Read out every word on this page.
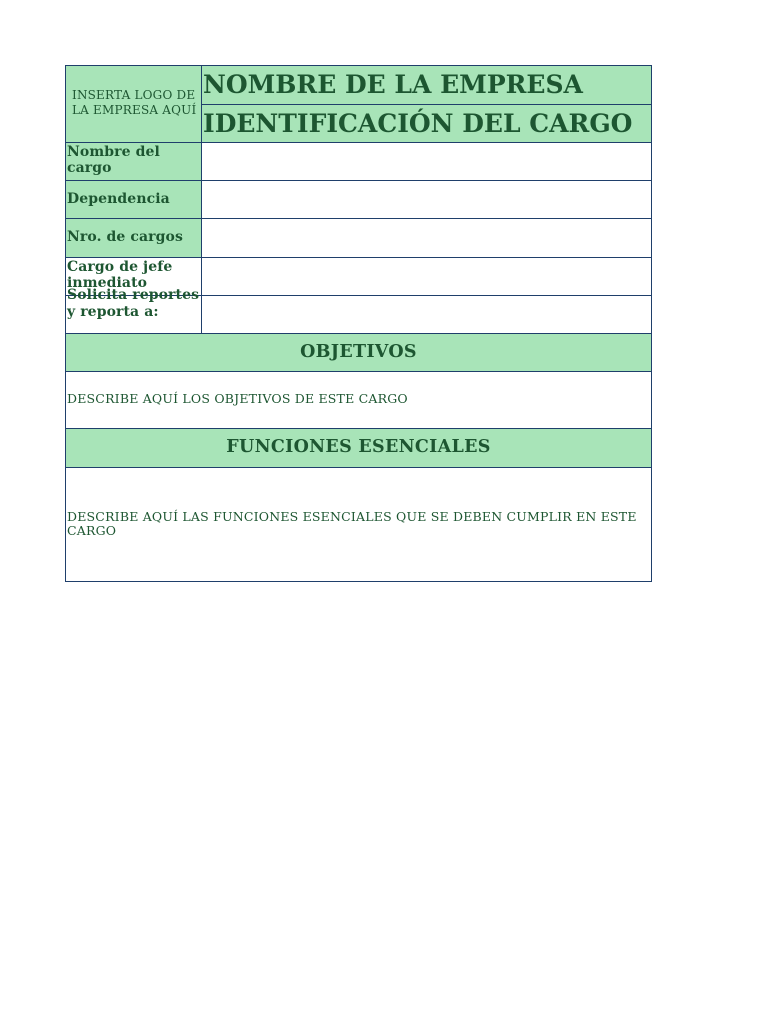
INSERTA LOGO DE LA EMPRESA AQUÍ
NOMBRE DE LA EMPRESA
IDENTIFICACIÓN DEL CARGO
Nombre del cargo
Dependencia
Nro. de cargos
Cargo de jefe inmediato
Solicita reportes y reporta a:
OBJETIVOS
DESCRIBE AQUÍ LOS OBJETIVOS DE ESTE CARGO
FUNCIONES ESENCIALES
DESCRIBE AQUÍ LAS FUNCIONES ESENCIALES QUE SE DEBEN CUMPLIR EN ESTE CARGO
